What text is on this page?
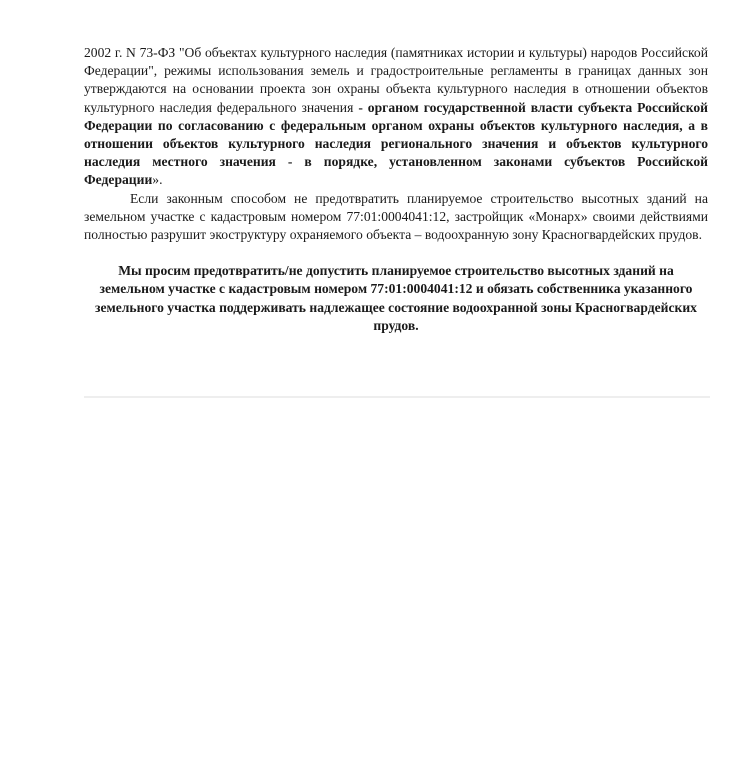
2002 г. N 73-ФЗ "Об объектах культурного наследия (памятниках истории и культуры) народов Российской Федерации", режимы использования земель и градостроительные регламенты в границах данных зон утверждаются на основании проекта зон охраны объекта культурного наследия в отношении объектов культурного наследия федерального значения - органом государственной власти субъекта Российской Федерации по согласованию с федеральным органом охраны объектов культурного наследия, а в отношении объектов культурного наследия регионального значения и объектов культурного наследия местного значения - в порядке, установленном законами субъектов Российской Федерации».

Если законным способом не предотвратить планируемое строительство высотных зданий на земельном участке с кадастровым номером 77:01:0004041:12, застройщик «Монарх» своими действиями полностью разрушит экоструктуру охраняемого объекта – водоохранную зону Красногвардейских прудов.

Мы просим предотвратить/не допустить планируемое строительство высотных зданий на земельном участке с кадастровым номером 77:01:0004041:12 и обязать собственника указанного земельного участка поддерживать надлежащее состояние водоохранной зоны Красногвардейских прудов.
